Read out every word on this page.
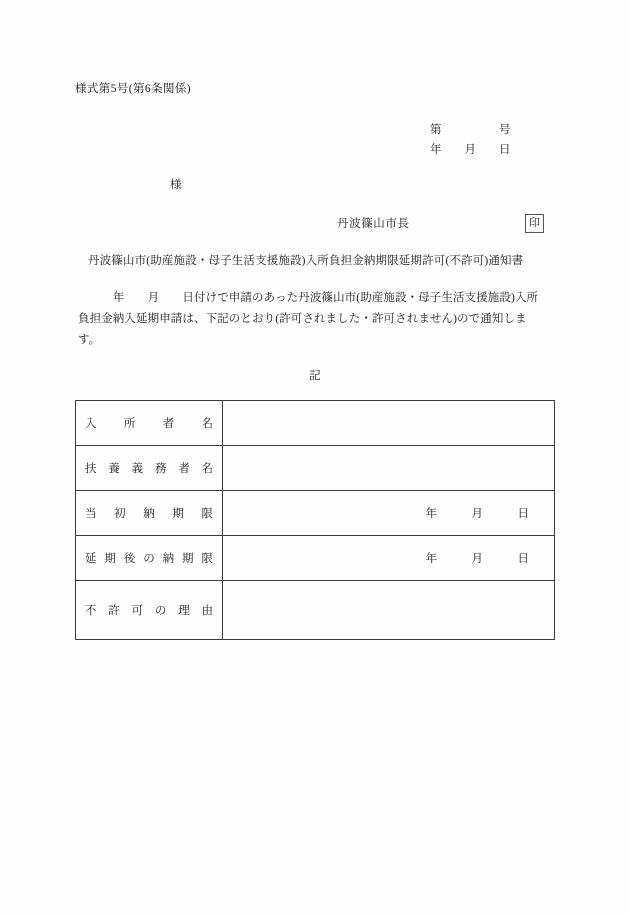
様式第5号(第6条関係)
第　　　　　号
年　　月　　日
様
丹波篠山市長	印
丹波篠山市(助産施設・母子生活支援施設)入所負担金納期限延期許可(不許可)通知書
　　　年　　月　　日付けで申請のあった丹波篠山市(助産施設・母子生活支援施設)入所
負担金納入延期申請は、下記のとおり(許可されました・許可されません)ので通知しま
す。
記
入 所 者 名	

扶 養 義 務 者 名

当 初 納 期 限	年　　　月　　　日

延 期 後 の 納 期 限	年　　　月　　　日

不 許 可 の 理 由
